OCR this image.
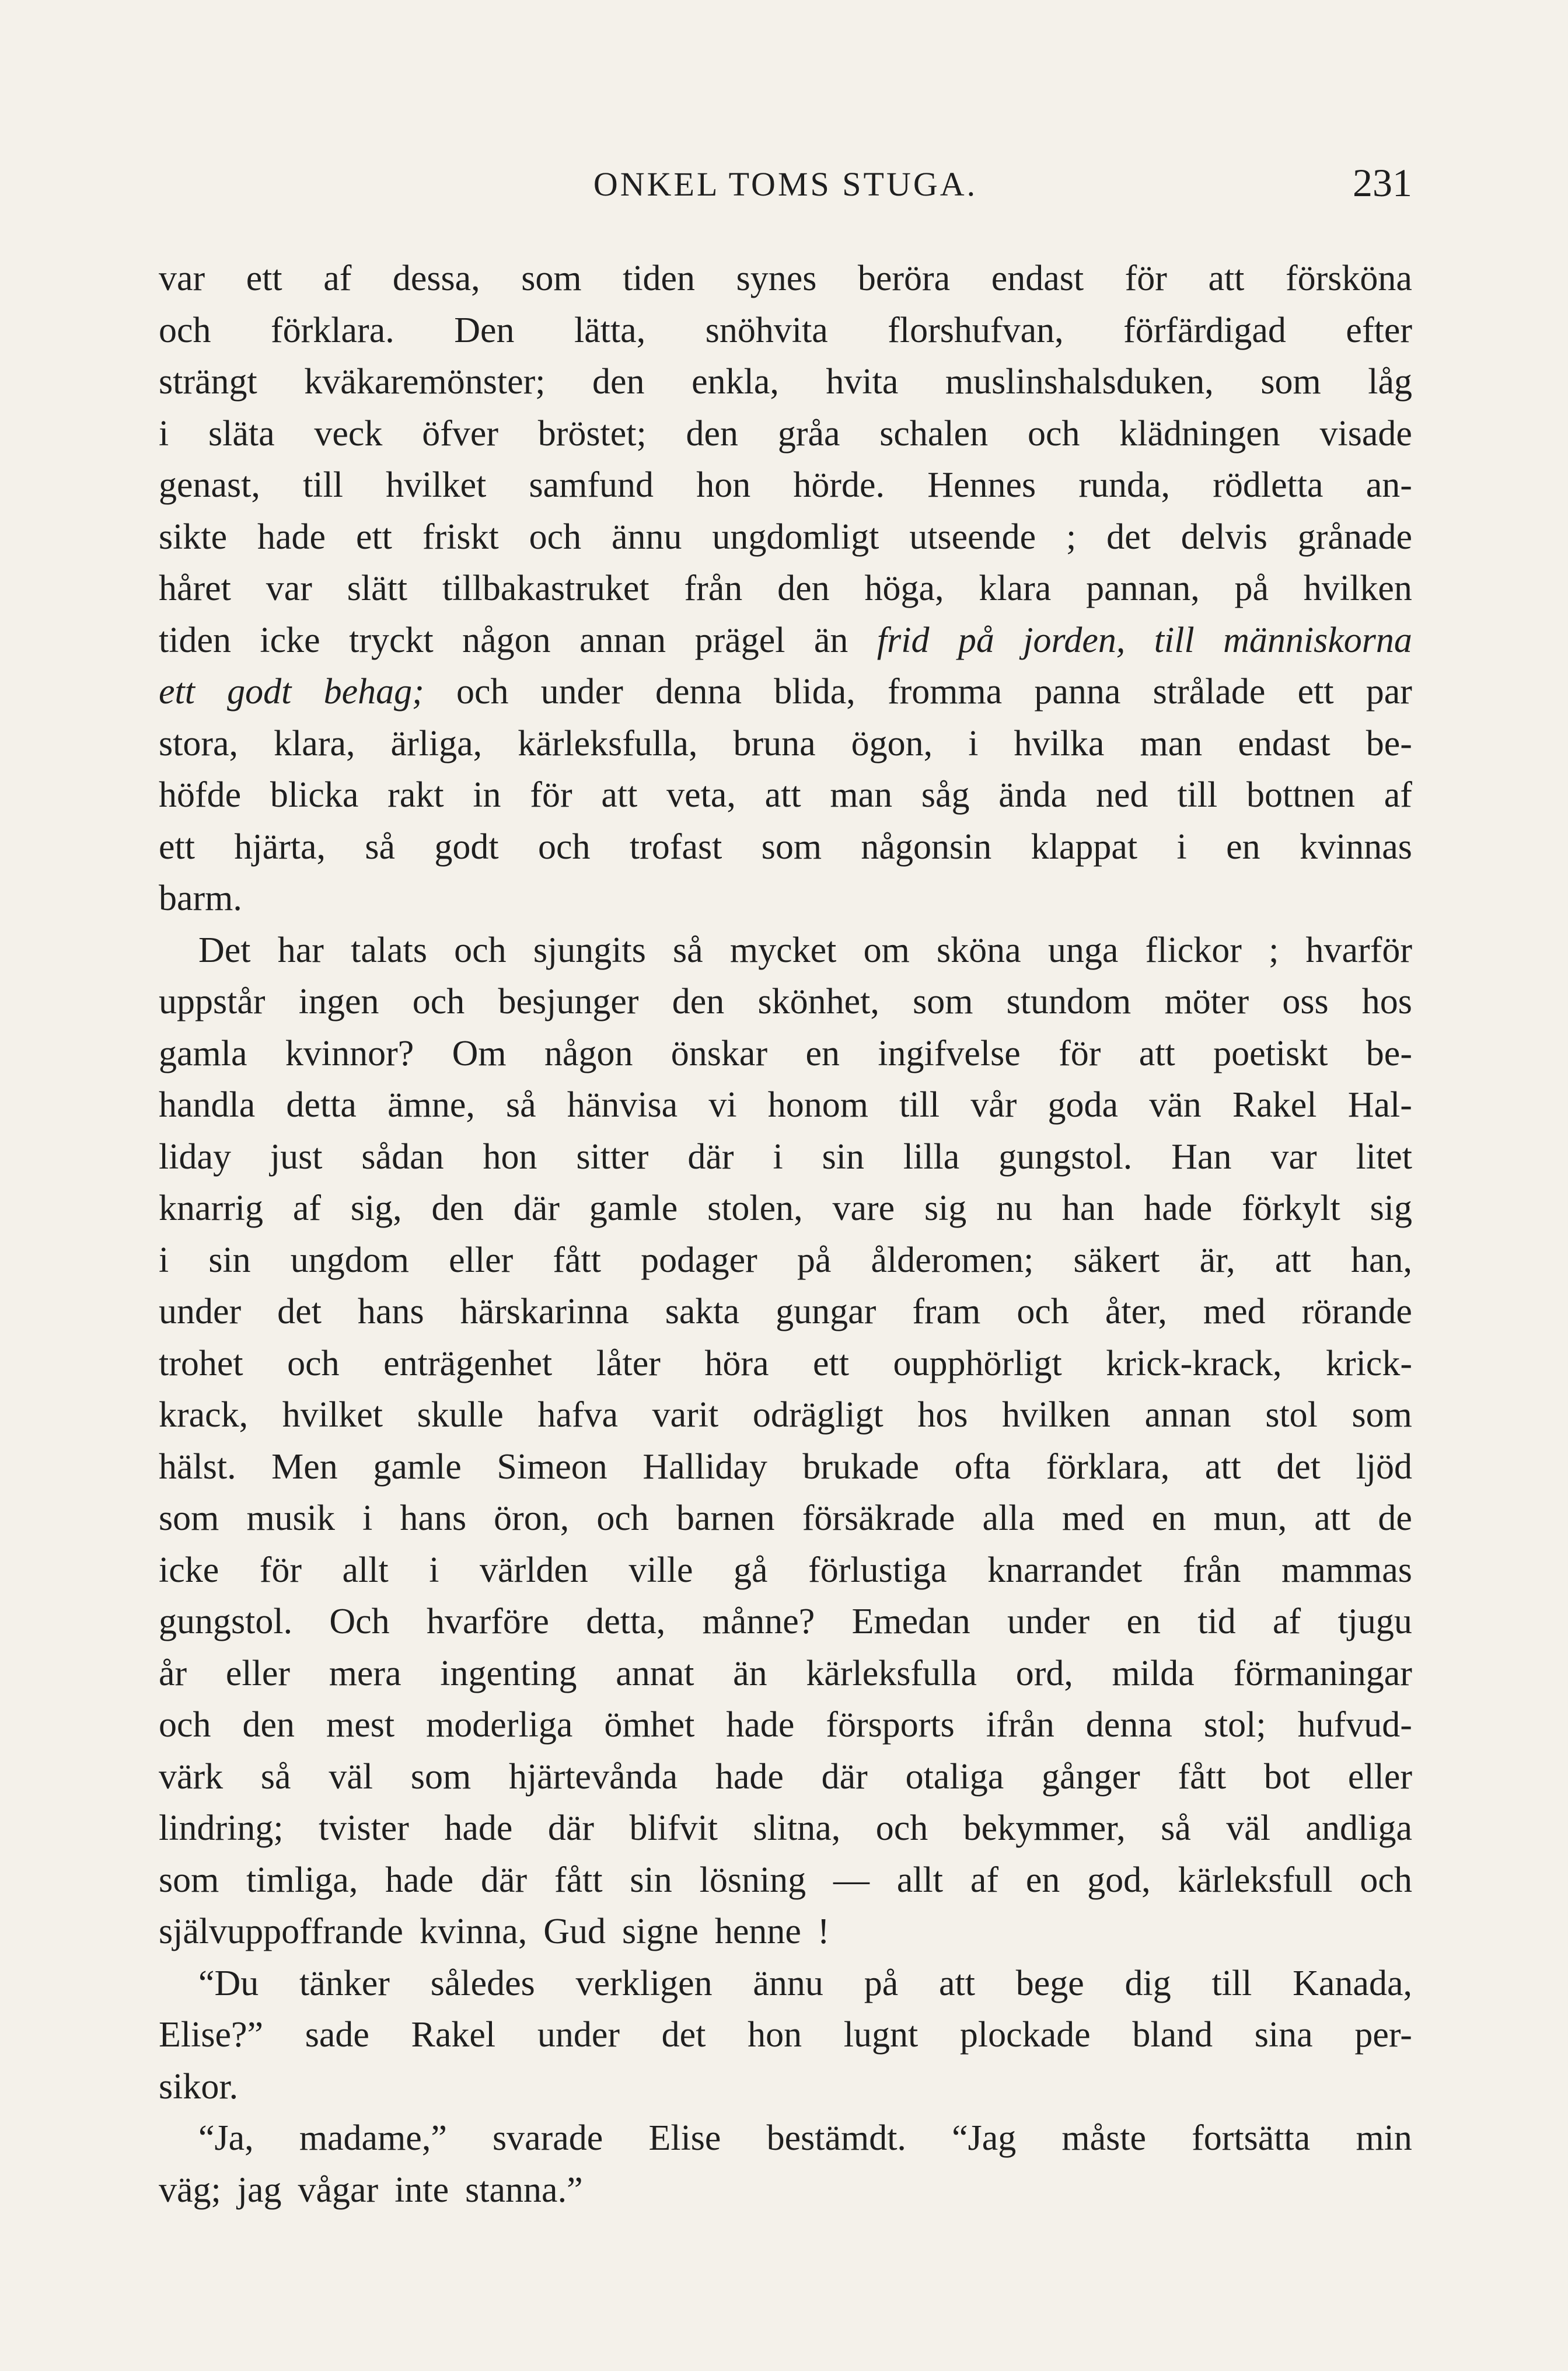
ONKEL TOMS STUGA.	231
var ett af dessa, som tiden synes beröra endast för att försköna
och förklara. Den lätta, snöhvita florshufvan, förfärdigad efter
strängt kväkaremönster; den enkla, hvita muslinshalsduken, som låg
i släta veck öfver bröstet; den gråa schalen och klädningen visade
genast, till hvilket samfund hon hörde. Hennes runda, rödletta an-
sikte hade ett friskt och ännu ungdomligt utseende ; det delvis grånade
håret var slätt tillbakastruket från den höga, klara pannan, på hvilken
tiden icke tryckt någon annan prägel än frid på jorden, till människorna
ett godt behag; och under denna blida, fromma panna strålade ett par
stora, klara, ärliga, kärleksfulla, bruna ögon, i hvilka man endast be-
höfde blicka rakt in för att veta, att man såg ända ned till bottnen af
ett hjärta, så godt och trofast som någonsin klappat i en kvinnas
barm.
Det har talats och sjungits så mycket om sköna unga flickor ; hvarför
uppstår ingen och besjunger den skönhet, som stundom möter oss hos
gamla kvinnor? Om någon önskar en ingifvelse för att poetiskt be-
handla detta ämne, så hänvisa vi honom till vår goda vän Rakel Hal-
liday just sådan hon sitter där i sin lilla gungstol. Han var litet
knarrig af sig, den där gamle stolen, vare sig nu han hade förkylt sig
i sin ungdom eller fått podager på ålderomen; säkert är, att han,
under det hans härskarinna sakta gungar fram och åter, med rörande
trohet och enträgenhet låter höra ett oupphörligt krick-krack, krick-
krack, hvilket skulle hafva varit odrägligt hos hvilken annan stol som
hälst. Men gamle Simeon Halliday brukade ofta förklara, att det ljöd
som musik i hans öron, och barnen försäkrade alla med en mun, att de
icke för allt i världen ville gå förlustiga knarrandet från mammas
gungstol. Och hvarföre detta, månne? Emedan under en tid af tjugu
år eller mera ingenting annat än kärleksfulla ord, milda förmaningar
och den mest moderliga ömhet hade försports ifrån denna stol; hufvud-
värk så väl som hjärtevånda hade där otaliga gånger fått bot eller
lindring; tvister hade där blifvit slitna, och bekymmer, så väl andliga
som timliga, hade där fått sin lösning — allt af en god, kärleksfull och
självuppoffrande kvinna, Gud signe henne !
“Du tänker således verkligen ännu på att bege dig till Kanada,
Elise?” sade Rakel under det hon lugnt plockade bland sina per-
sikor.
“Ja, madame,” svarade Elise bestämdt. “Jag måste fortsätta min
väg; jag vågar inte stanna.”
